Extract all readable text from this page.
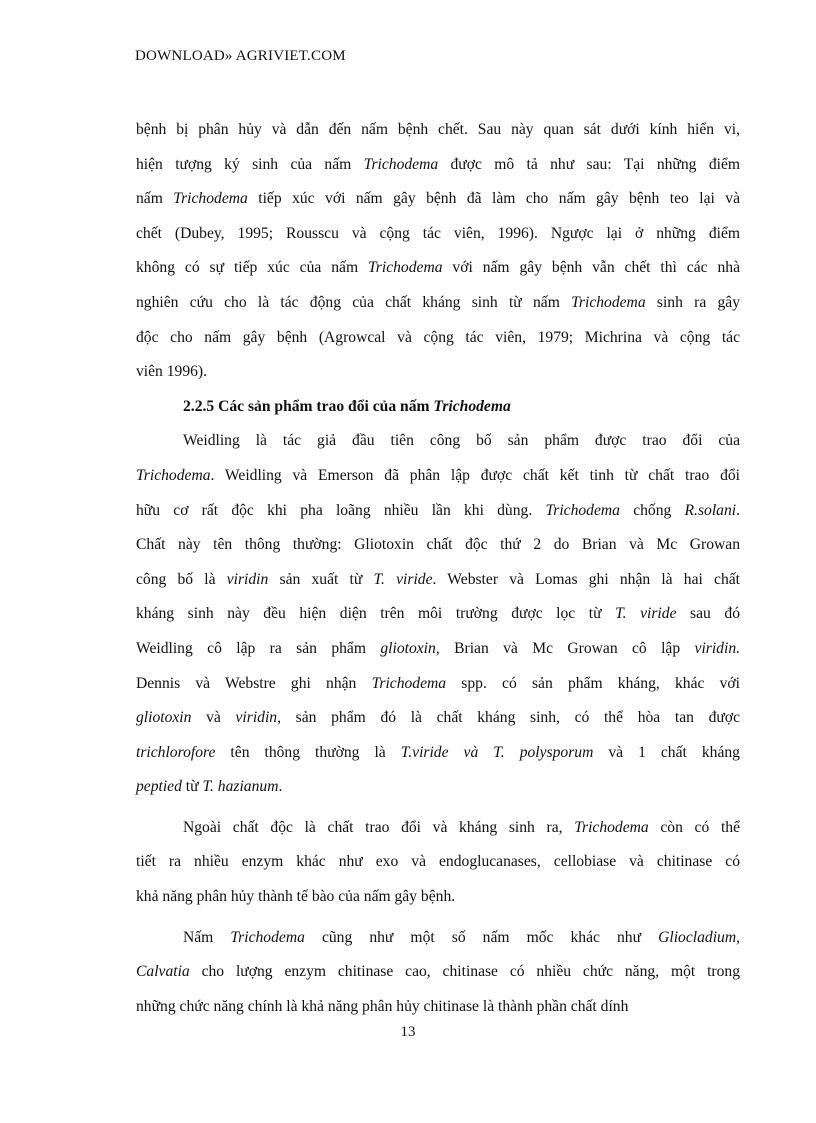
DOWNLOAD» AGRIVIET.COM
bệnh bị phân hủy và dẫn đến nấm bệnh chết. Sau này quan sát dưới kính hiển vi,
hiện tượng ký sinh của nấm Trichodema được mô tả như sau: Tại những điểm
nấm Trichodema tiếp xúc với nấm gây bệnh đã làm cho nấm gây bệnh teo lại và
chết (Dubey, 1995; Rousscu và cộng tác viên, 1996). Ngược lại ở những điểm
không có sự tiếp xúc của nấm Trichodema với nấm gây bệnh vẫn chết thì các nhà
nghiên cứu cho là tác động của chất kháng sinh từ nấm Trichodema sinh ra gây
độc cho nấm gây bệnh (Agrowcal và cộng tác viên, 1979; Michrina và cộng tác
viên 1996).
2.2.5 Các sản phẩm trao đổi của nấm Trichodema
Weidling là tác giả đầu tiên công bố sản phẩm được trao đổi của
Trichodema. Weidling và Emerson đã phân lập được chất kết tinh từ chất trao đổi
hữu cơ rất độc khi pha loãng nhiều lần khi dùng. Trichodema chống R.solani.
Chất này tên thông thường: Gliotoxin chất độc thứ 2 do Brian và Mc Growan
công bố là viridin sản xuất từ T. viride. Webster và Lomas ghi nhận là hai chất
kháng sinh này đều hiện diện trên môi trường được lọc từ T. viride sau đó
Weidling cô lập ra sản phẩm gliotoxin, Brian và Mc Growan cô lập viridin.
Dennis và Webstre ghi nhận Trichodema spp. có sản phẩm kháng, khác với
gliotoxin và viridin, sản phẩm đó là chất kháng sinh, có thể hòa tan được
trichlorofore tên thông thường là T.viride và T. polysporum và 1 chất kháng
peptied từ T. hazianum.
Ngoài chất độc là chất trao đổi và kháng sinh ra, Trichodema còn có thể
tiết ra nhiều enzym khác như exo và endoglucanases, cellobiase và chitinase có
khả năng phân hủy thành tế bào của nấm gây bệnh.
Nấm Trichodema cũng như một số nấm mốc khác như Gliocladium,
Calvatia cho lượng enzym chitinase cao, chitinase có nhiều chức năng, một trong
những chức năng chính là khả năng phân hủy chitinase là thành phần chất dính
13
